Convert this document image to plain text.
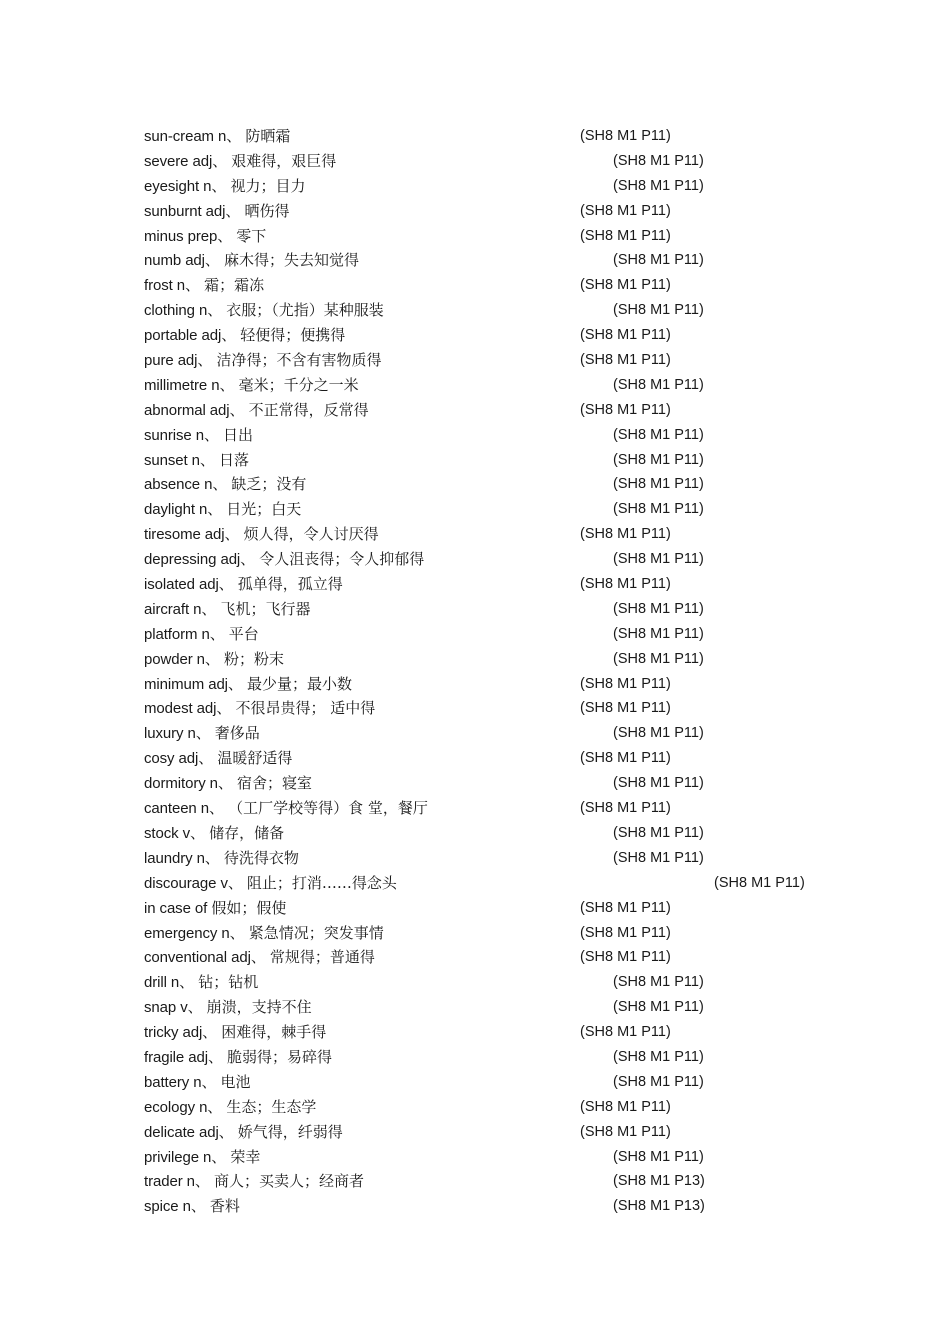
sun-cream n、 防晒霜	(SH8 M1 P11)
severe adj、 艰难得，艰巨得	(SH8 M1 P11)
eyesight n、 视力；目力	(SH8 M1 P11)
sunburnt adj、 晒伤得	(SH8 M1 P11)
minus prep、 零下	(SH8 M1 P11)
numb adj、 麻木得；失去知觉得	(SH8 M1 P11)
frost n、 霜；霜冻	(SH8 M1 P11)
clothing n、 衣服；（尤指）某种服装	(SH8 M1 P11)
portable adj、 轻便得；便携得	(SH8 M1 P11)
pure adj、 洁净得；不含有害物质得	(SH8 M1 P11)
millimetre n、 毫米；千分之一米	(SH8 M1 P11)
abnormal adj、 不正常得，反常得	(SH8 M1 P11)
sunrise n、 日出	(SH8 M1 P11)
sunset n、 日落	(SH8 M1 P11)
absence n、 缺乏；没有	(SH8 M1 P11)
daylight n、 日光；白天	(SH8 M1 P11)
tiresome adj、 烦人得，令人讨厌得	(SH8 M1 P11)
depressing adj、 令人沮丧得；令人抑郁得	(SH8 M1 P11)
isolated adj、 孤单得，孤立得	(SH8 M1 P11)
aircraft n、 飞机；飞行器	(SH8 M1 P11)
platform n、 平台	(SH8 M1 P11)
powder n、 粉；粉末	(SH8 M1 P11)
minimum adj、 最少量；最小数	(SH8 M1 P11)
modest adj、 不很昂贵得； 适中得	(SH8 M1 P11)
luxury n、 奢侈品	(SH8 M1 P11)
cosy adj、 温暖舒适得	(SH8 M1 P11)
dormitory n、 宿舍；寝室	(SH8 M1 P11)
canteen n、 （工厂学校等得）食 堂，餐厅	(SH8 M1 P11)
stock v、 储存，储备	(SH8 M1 P11)
laundry n、 待洗得衣物	(SH8 M1 P11)
discourage v、 阻止；打消……得念头	(SH8 M1 P11)
in case of 假如；假使	(SH8 M1 P11)
emergency n、 紧急情况；突发事情	(SH8 M1 P11)
conventional adj、 常规得；普通得	(SH8 M1 P11)
drill n、 钻；钻机	(SH8 M1 P11)
snap v、 崩溃，支持不住	(SH8 M1 P11)
tricky adj、 困难得，棘手得	(SH8 M1 P11)
fragile adj、 脆弱得；易碎得	(SH8 M1 P11)
battery n、 电池	(SH8 M1 P11)
ecology n、 生态；生态学	(SH8 M1 P11)
delicate adj、 娇气得，纤弱得	(SH8 M1 P11)
privilege n、 荣幸	(SH8 M1 P11)
trader n、 商人；买卖人；经商者	(SH8 M1 P13)
spice n、 香料	(SH8 M1 P13)
